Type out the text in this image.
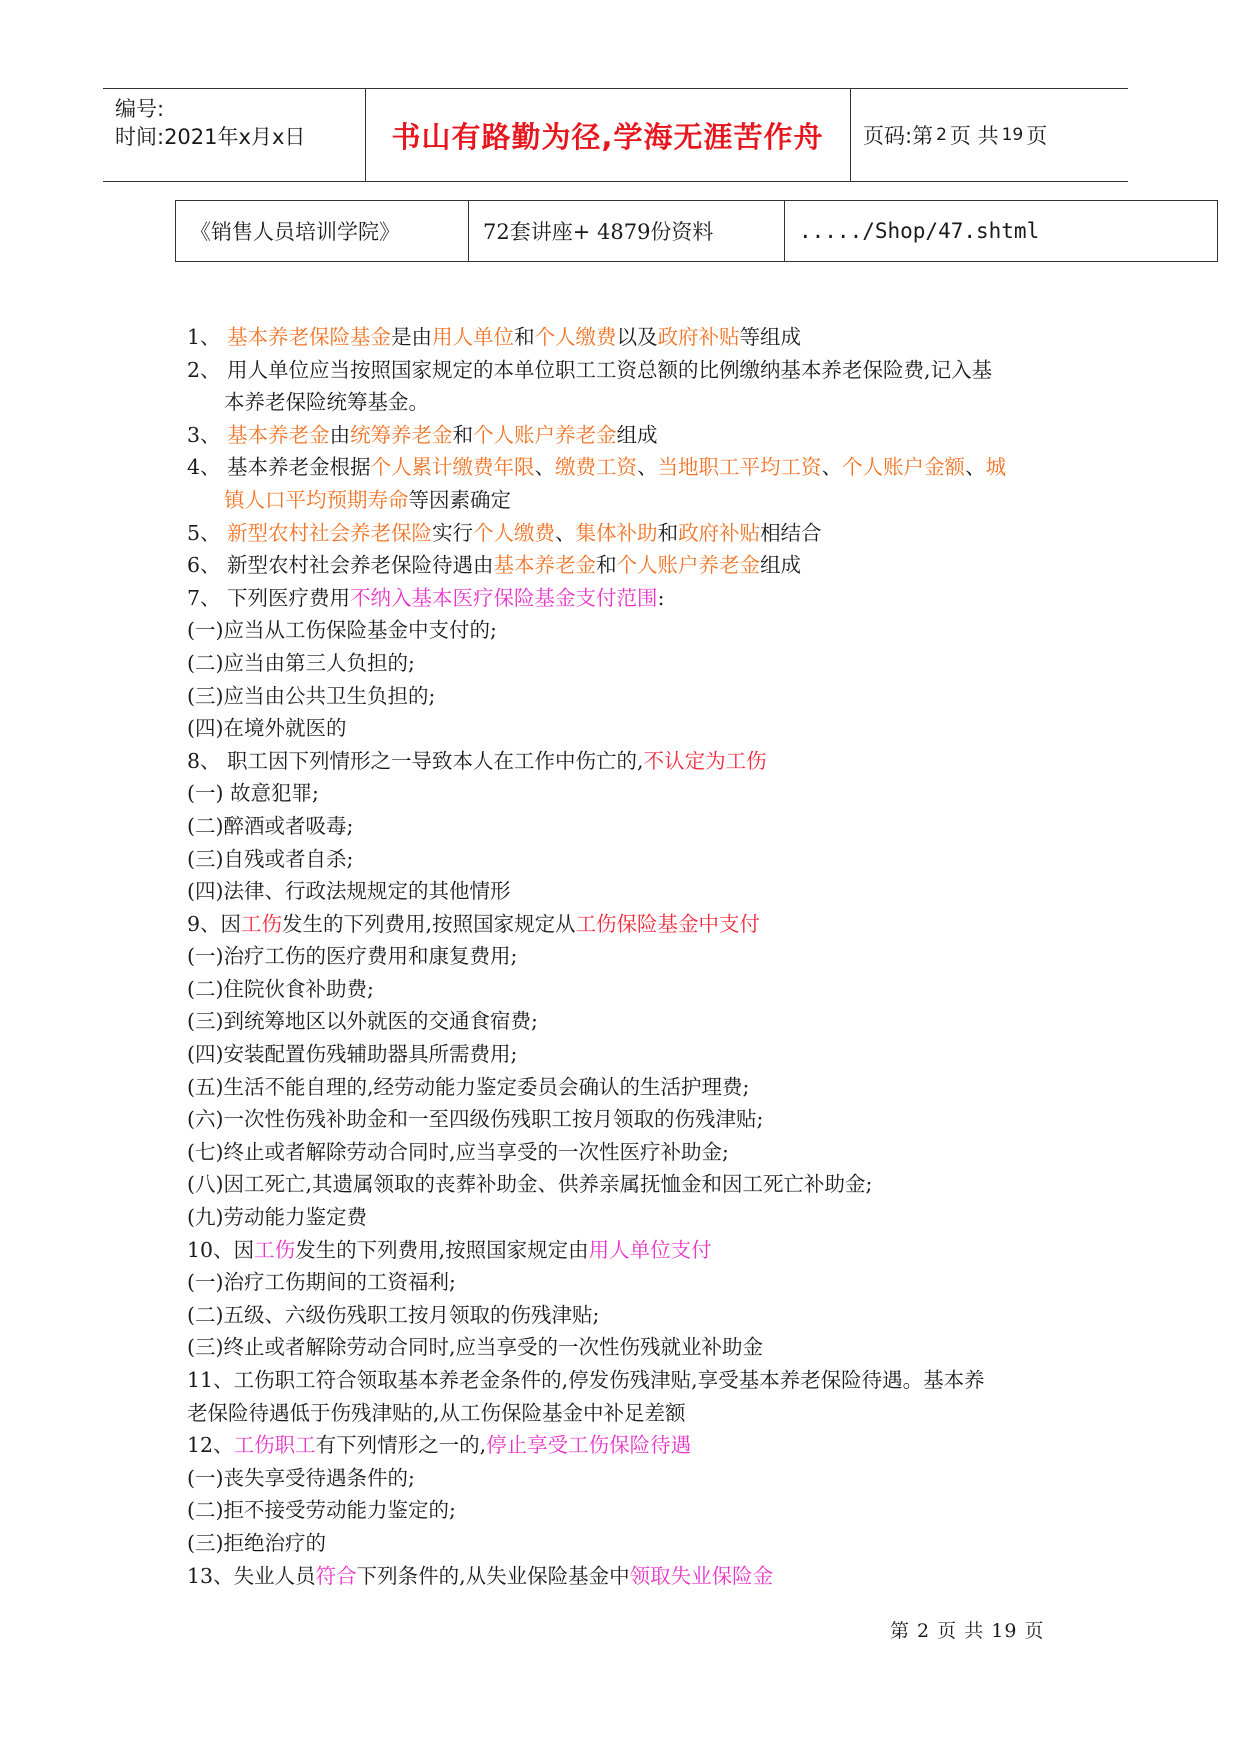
编号:
时间:2021年x月x日	书山有路勤为径,学海无涯苦作舟	页码:第 2 页 共 19 页
《销售人员培训学院》	72套讲座+ 4879份资料	...../Shop/47.shtml
1、 基本养老保险基金是由用人单位和个人缴费以及政府补贴等组成
2、 用人单位应当按照国家规定的本单位职工工资总额的比例缴纳基本养老保险费,记入基
本养老保险统筹基金。
3、 基本养老金由统筹养老金和个人账户养老金组成
4、 基本养老金根据个人累计缴费年限、缴费工资、当地职工平均工资、个人账户金额、城
镇人口平均预期寿命等因素确定
5、 新型农村社会养老保险实行个人缴费、集体补助和政府补贴相结合
6、 新型农村社会养老保险待遇由基本养老金和个人账户养老金组成
7、 下列医疗费用不纳入基本医疗保险基金支付范围:
(一)应当从工伤保险基金中支付的;
(二)应当由第三人负担的;
(三)应当由公共卫生负担的;
(四)在境外就医的
8、 职工因下列情形之一导致本人在工作中伤亡的,不认定为工伤
(一) 故意犯罪;
(二)醉酒或者吸毒;
(三)自残或者自杀;
(四)法律、行政法规规定的其他情形
9、因工伤发生的下列费用,按照国家规定从工伤保险基金中支付
(一)治疗工伤的医疗费用和康复费用;
(二)住院伙食补助费;
(三)到统筹地区以外就医的交通食宿费;
(四)安装配置伤残辅助器具所需费用;
(五)生活不能自理的,经劳动能力鉴定委员会确认的生活护理费;
(六)一次性伤残补助金和一至四级伤残职工按月领取的伤残津贴;
(七)终止或者解除劳动合同时,应当享受的一次性医疗补助金;
(八)因工死亡,其遗属领取的丧葬补助金、供养亲属抚恤金和因工死亡补助金;
(九)劳动能力鉴定费
10、因工伤发生的下列费用,按照国家规定由用人单位支付
(一)治疗工伤期间的工资福利;
(二)五级、六级伤残职工按月领取的伤残津贴;
(三)终止或者解除劳动合同时,应当享受的一次性伤残就业补助金
11、工伤职工符合领取基本养老金条件的,停发伤残津贴,享受基本养老保险待遇。基本养
老保险待遇低于伤残津贴的,从工伤保险基金中补足差额
12、工伤职工有下列情形之一的,停止享受工伤保险待遇
(一)丧失享受待遇条件的;
(二)拒不接受劳动能力鉴定的;
(三)拒绝治疗的
13、失业人员符合下列条件的,从失业保险基金中领取失业保险金
第 2 页 共 19 页
